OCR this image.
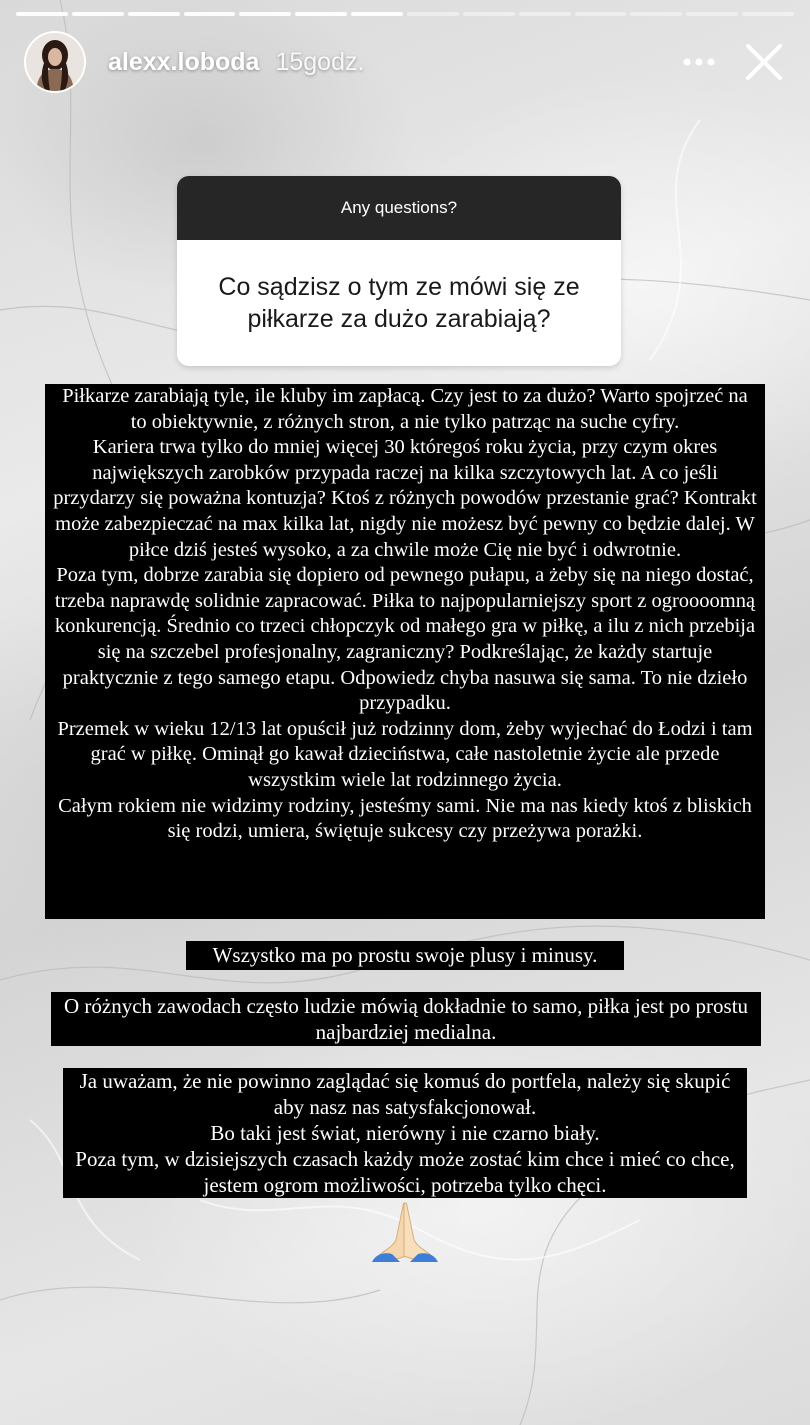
alexx.loboda 15godz.
Any questions?
Co sądzisz o tym ze mówi się ze piłkarze za dużo zarabiają?

Piłkarze zarabiają tyle, ile kluby im zapłacą. Czy jest to za dużo? Warto spojrzeć na to obiektywnie, z różnych stron, a nie tylko patrząc na suche cyfry.

Kariera trwa tylko do mniej więcej 30 któregoś roku życia, przy czym okres największych zarobków przypada raczej na kilka szczytowych lat. A co jeśli przydarzy się poważna kontuzja? Ktoś z różnych powodów przestanie grać? Kontrakt może zabezpieczać na max kilka lat, nigdy nie możesz być pewny co będzie dalej. W piłce dziś jesteś wysoko, a za chwile może Cię nie być i odwrotnie.

Poza tym, dobrze zarabia się dopiero od pewnego pułapu, a żeby się na niego dostać, trzeba naprawdę solidnie zapracować. Piłka to najpopularniejszy sport z ogroooomną konkurencją. Średnio co trzeci chłopczyk od małego gra w piłkę, a ilu z nich przebija się na szczebel profesjonalny, zagraniczny? Podkreślając, że każdy startuje praktycznie z tego samego etapu. Odpowiedz chyba nasuwa się sama. To nie dzieło przypadku.

Przemek w wieku 12/13 lat opuścił już rodzinny dom, żeby wyjechać do Łodzi i tam grać w piłkę. Ominął go kawał dzieciństwa, całe nastoletnie życie ale przede wszystkim wiele lat rodzinnego życia.

Całym rokiem nie widzimy rodziny, jesteśmy sami. Nie ma nas kiedy ktoś z bliskich się rodzi, umiera, świętuje sukcesy czy przeżywa porażki.

Wszystko ma po prostu swoje plusy i minusy.
O różnych zawodach często ludzie mówią dokładnie to samo, piłka jest po prostu najbardziej medialna.

Ja uważam, że nie powinno zaglądać się komuś do portfela, należy się skupić aby nasz nas satysfakcjonował.

Bo taki jest świat, nierówny i nie czarno biały.

Poza tym, w dzisiejszych czasach każdy może zostać kim chce i mieć co chce, jestem ogrom możliwości, potrzeba tylko chęci.
